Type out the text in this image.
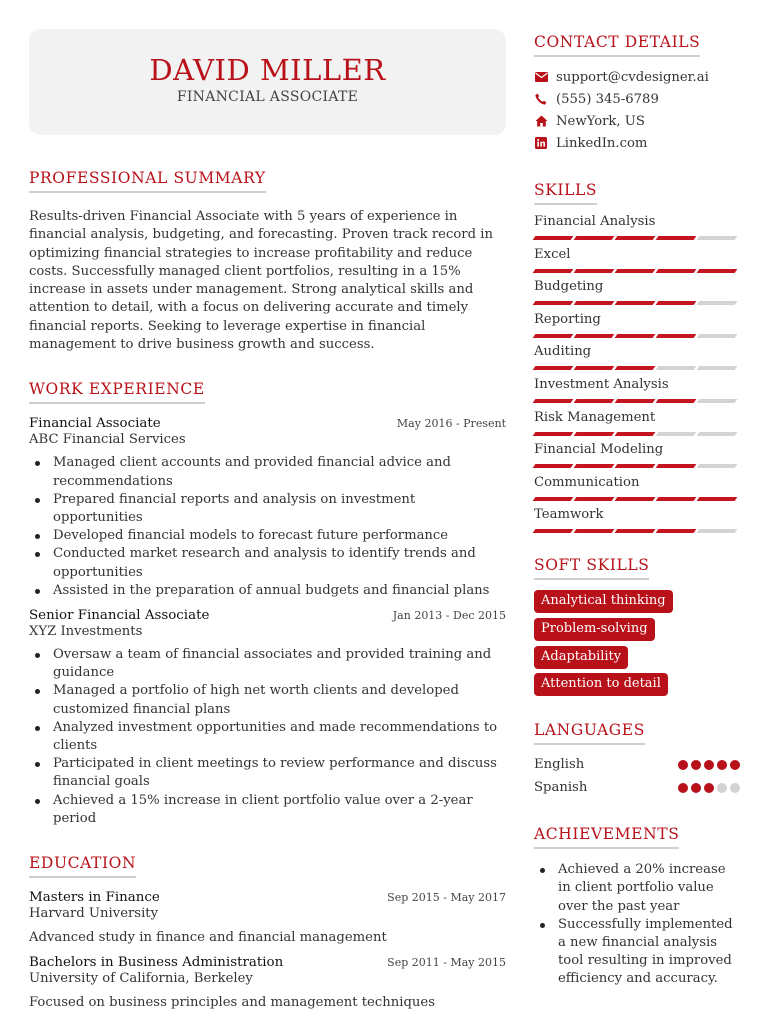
DAVID MILLER
FINANCIAL ASSOCIATE
PROFESSIONAL SUMMARY
Results-driven Financial Associate with 5 years of experience in financial analysis, budgeting, and forecasting. Proven track record in optimizing financial strategies to increase profitability and reduce costs. Successfully managed client portfolios, resulting in a 15% increase in assets under management. Strong analytical skills and attention to detail, with a focus on delivering accurate and timely financial reports. Seeking to leverage expertise in financial management to drive business growth and success.
WORK EXPERIENCE
Financial Associate	May 2016 - Present
ABC Financial Services
Managed client accounts and provided financial advice and recommendations
Prepared financial reports and analysis on investment opportunities
Developed financial models to forecast future performance
Conducted market research and analysis to identify trends and opportunities
Assisted in the preparation of annual budgets and financial plans
Senior Financial Associate	Jan 2013 - Dec 2015
XYZ Investments
Oversaw a team of financial associates and provided training and guidance
Managed a portfolio of high net worth clients and developed customized financial plans
Analyzed investment opportunities and made recommendations to clients
Participated in client meetings to review performance and discuss financial goals
Achieved a 15% increase in client portfolio value over a 2-year period
EDUCATION
Masters in Finance	Sep 2015 - May 2017
Harvard University
Advanced study in finance and financial management
Bachelors in Business Administration	Sep 2011 - May 2015
University of California, Berkeley
Focused on business principles and management techniques
CONTACT DETAILS
support@cvdesigner.ai
(555) 345-6789
NewYork, US
LinkedIn.com
SKILLS
Financial Analysis
Excel
Budgeting
Reporting
Auditing
Investment Analysis
Risk Management
Financial Modeling
Communication
Teamwork
SOFT SKILLS
Analytical thinking
Problem-solving
Adaptability
Attention to detail
LANGUAGES
English
Spanish
ACHIEVEMENTS
Achieved a 20% increase in client portfolio value over the past year
Successfully implemented a new financial analysis tool resulting in improved efficiency and accuracy.
